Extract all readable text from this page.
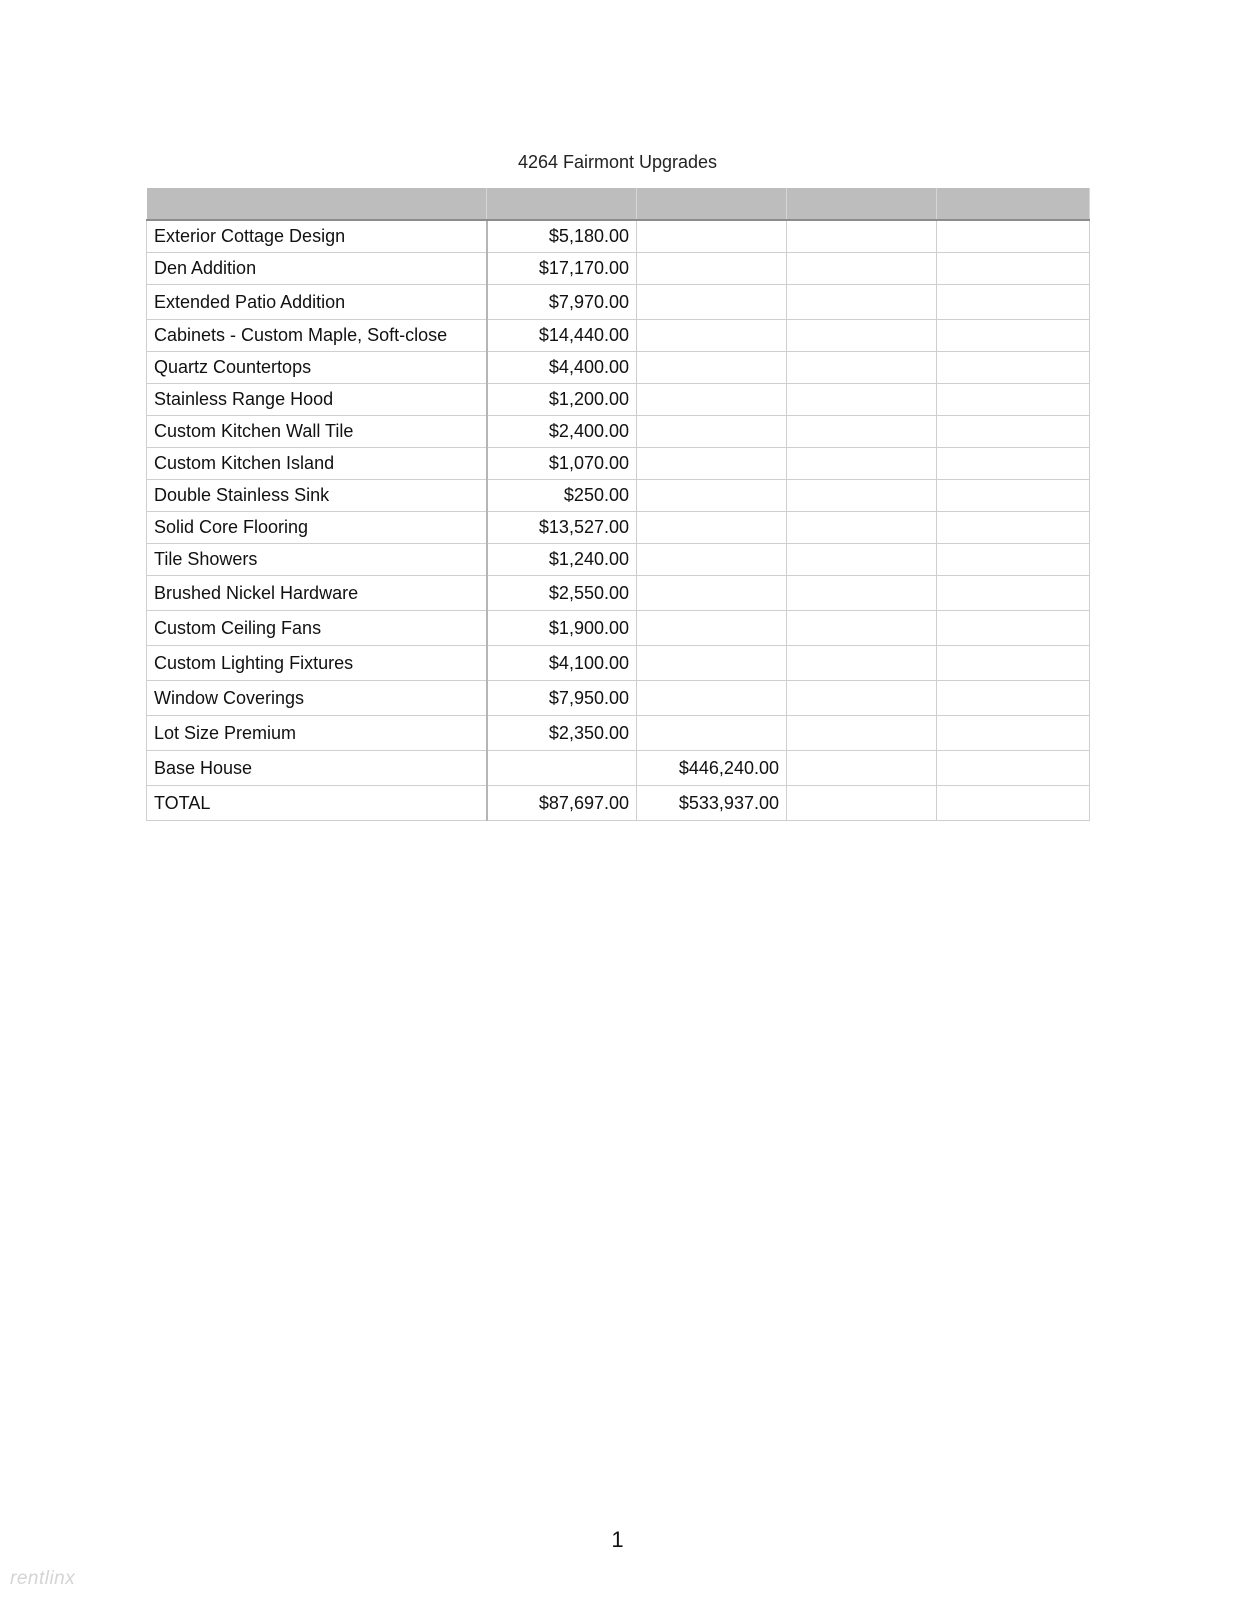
4264 Fairmont Upgrades

Exterior Cottage Design	$5,180.00			
Den Addition	$17,170.00			
Extended Patio Addition	$7,970.00			
Cabinets - Custom Maple, Soft-close	$14,440.00			
Quartz Countertops	$4,400.00			
Stainless Range Hood	$1,200.00			
Custom Kitchen Wall Tile	$2,400.00			
Custom Kitchen Island	$1,070.00			
Double Stainless Sink	$250.00			
Solid Core Flooring	$13,527.00			
Tile Showers	$1,240.00			
Brushed Nickel Hardware	$2,550.00			
Custom Ceiling Fans	$1,900.00			
Custom Lighting Fixtures	$4,100.00			
Window Coverings	$7,950.00			
Lot Size Premium	$2,350.00			
Base House		$446,240.00		
TOTAL	$87,697.00	$533,937.00		
1
rentlinx
